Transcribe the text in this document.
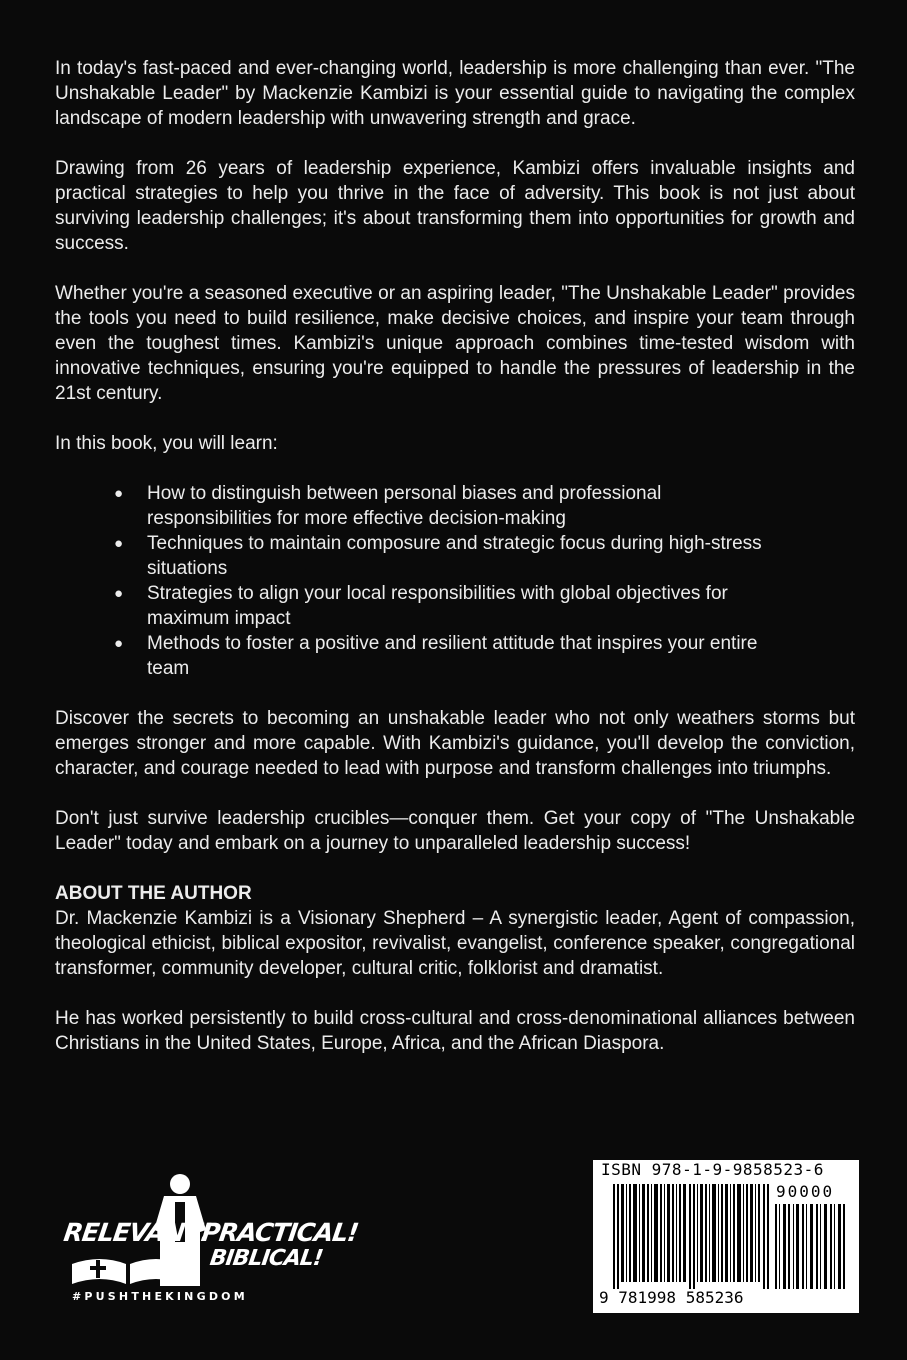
In today's fast-paced and ever-changing world, leadership is more challenging than ever. "The Unshakable Leader" by Mackenzie Kambizi is your essential guide to navigating the complex landscape of modern leadership with unwavering strength and grace.

Drawing from 26 years of leadership experience, Kambizi offers invaluable insights and practical strategies to help you thrive in the face of adversity. This book is not just about surviving leadership challenges; it's about transforming them into opportunities for growth and success.

Whether you're a seasoned executive or an aspiring leader, "The Unshakable Leader" provides the tools you need to build resilience, make decisive choices, and inspire your team through even the toughest times. Kambizi's unique approach combines time-tested wisdom with innovative techniques, ensuring you're equipped to handle the pressures of leadership in the 21st century.

In this book, you will learn:

● How to distinguish between personal biases and professional responsibilities for more effective decision-making
● Techniques to maintain composure and strategic focus during high-stress situations
● Strategies to align your local responsibilities with global objectives for maximum impact
● Methods to foster a positive and resilient attitude that inspires your entire team

Discover the secrets to becoming an unshakable leader who not only weathers storms but emerges stronger and more capable. With Kambizi's guidance, you'll develop the conviction, character, and courage needed to lead with purpose and transform challenges into triumphs.

Don't just survive leadership crucibles—conquer them. Get your copy of "The Unshakable Leader" today and embark on a journey to unparalleled leadership success!

ABOUT THE AUTHOR

Dr. Mackenzie Kambizi is a Visionary Shepherd – A synergistic leader, Agent of compassion, theological ethicist, biblical expositor, revivalist, evangelist, conference speaker, congregational transformer, community developer, cultural critic, folklorist and dramatist.

He has worked persistently to build cross-cultural and cross-denominational alliances between Christians in the United States, Europe, Africa, and the African Diaspora.

RELEVANT!
PRACTICAL!
BIBLICAL!
#PUSHTHEKINGDOM
ISBN 978-1-9-9858523-6
90000
9 781998 585236
